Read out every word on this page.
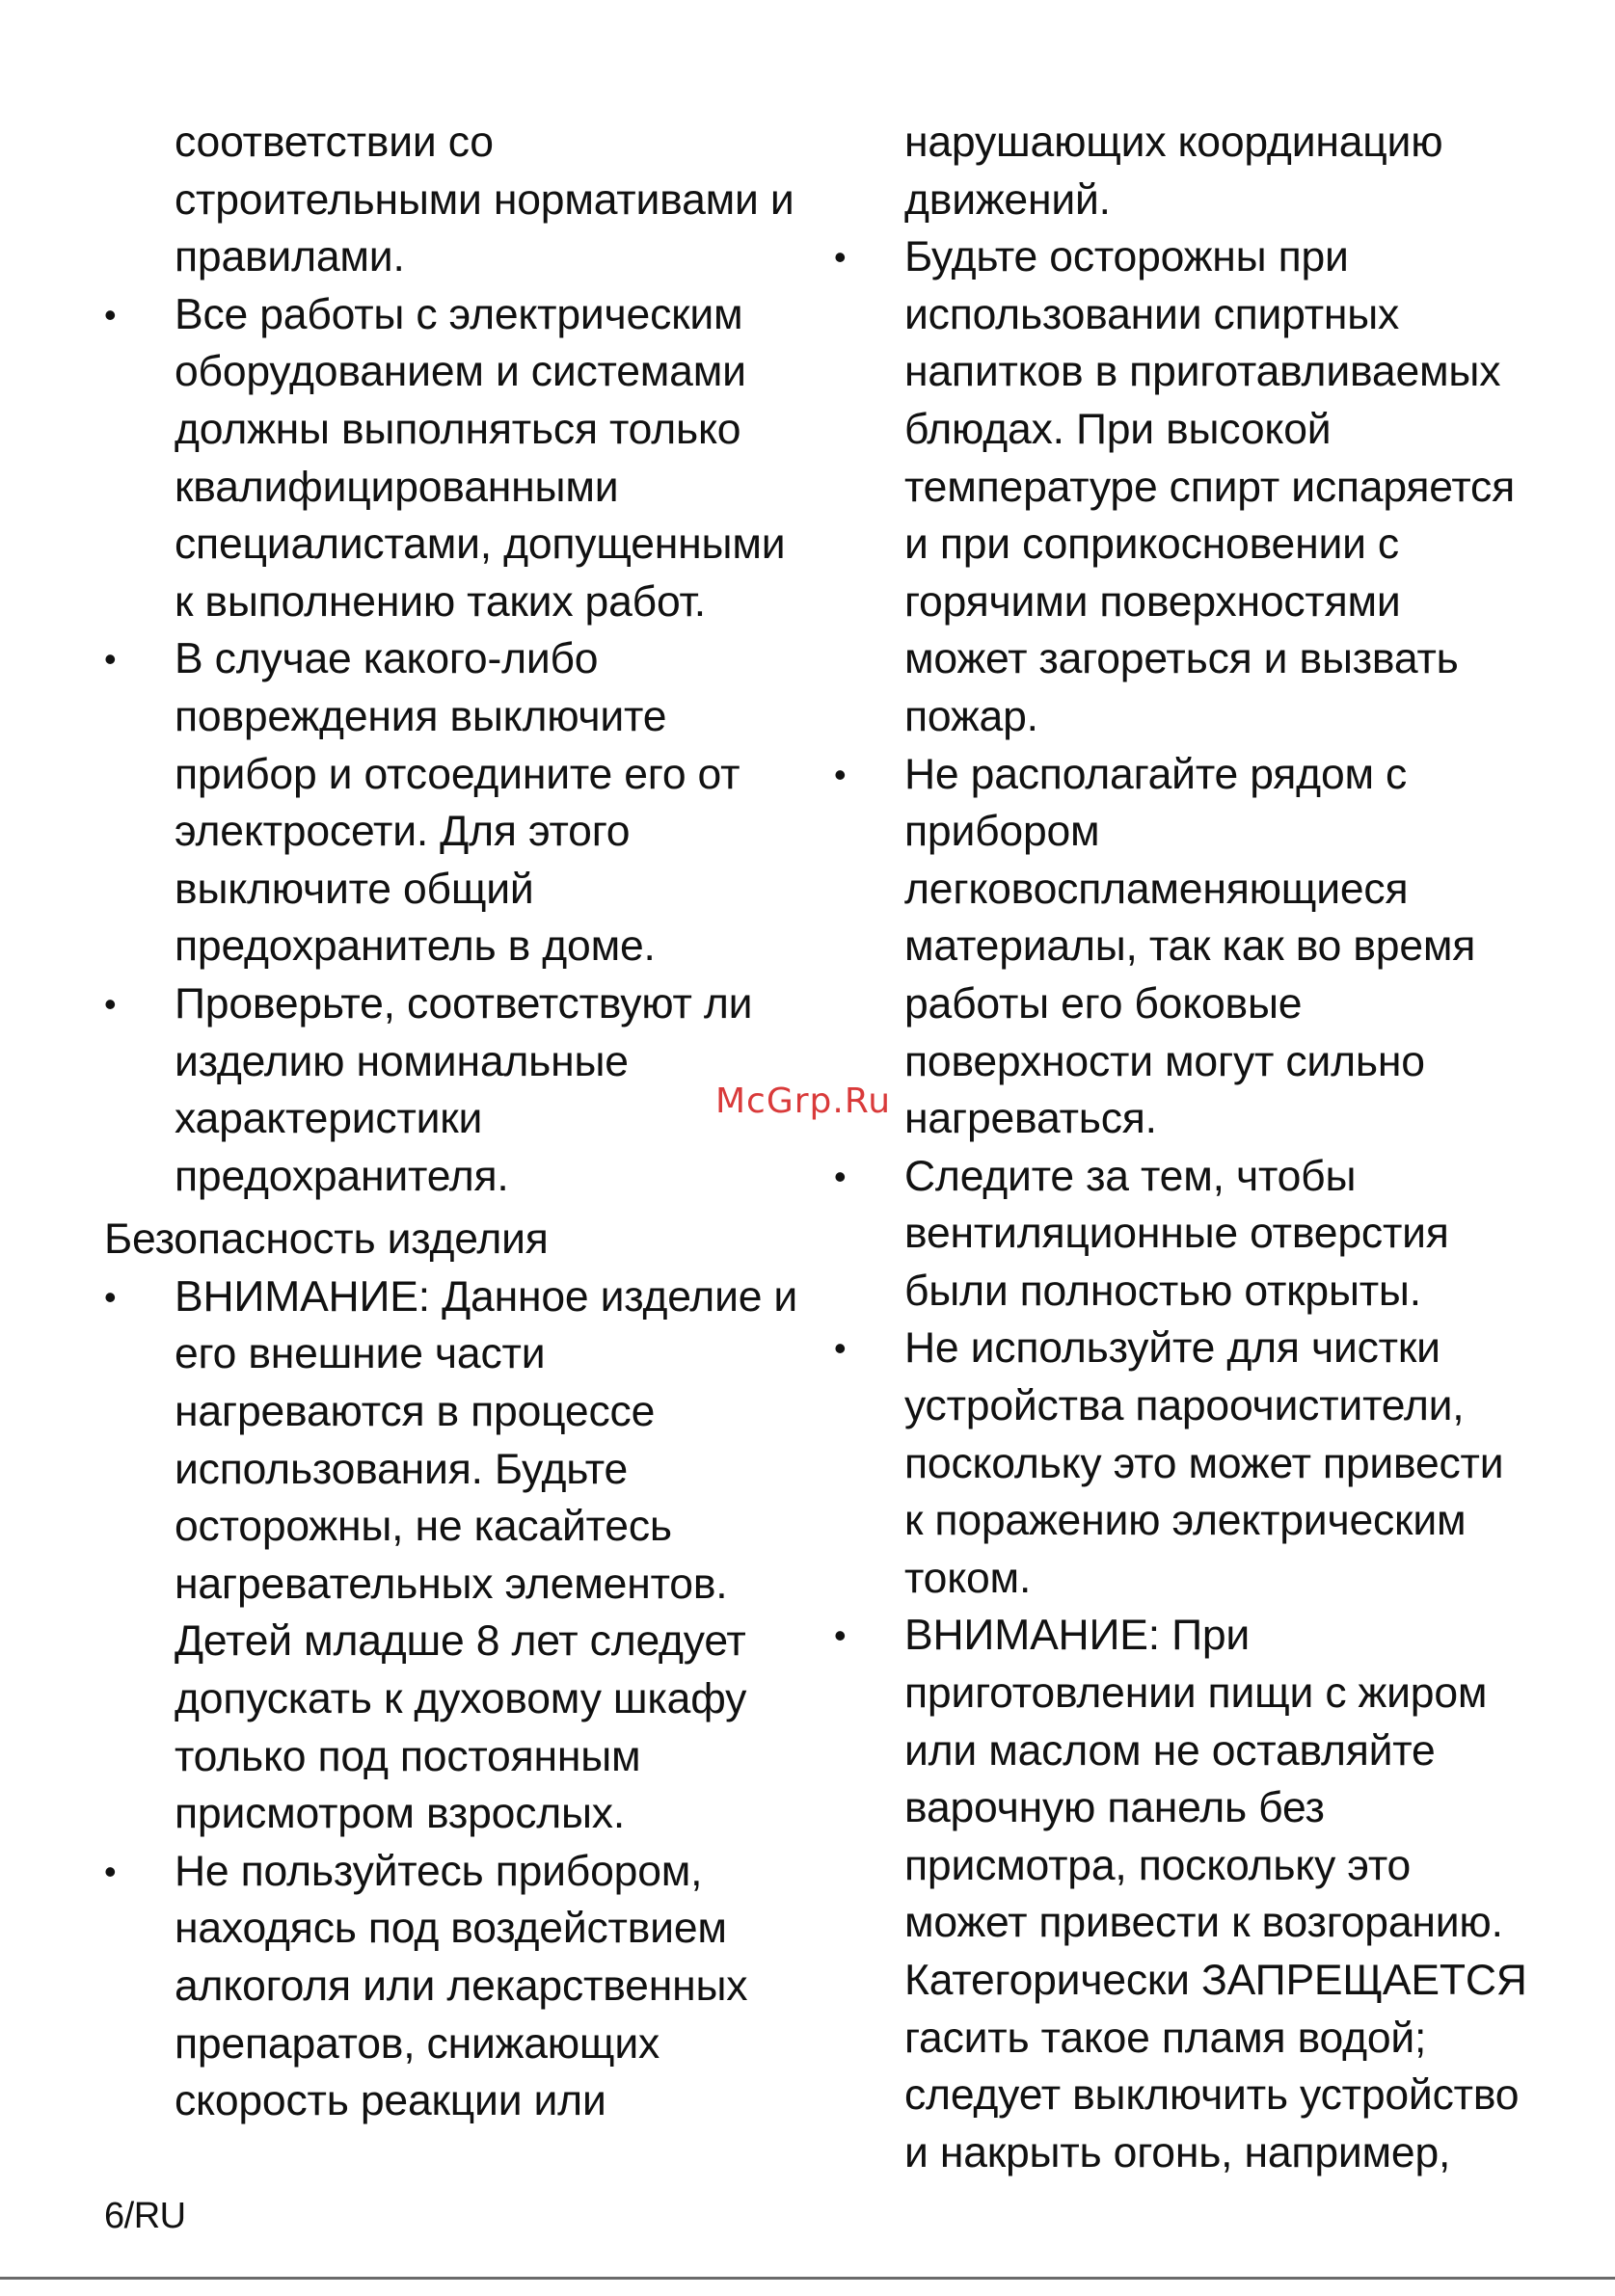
соответствии со
строительными нормативами и
правилами.
• Все работы с электрическим
оборудованием и системами
должны выполняться только
квалифицированными
специалистами, допущенными
к выполнению таких работ.
• В случае какого-либо
повреждения выключите
прибор и отсоедините его от
электросети. Для этого
выключите общий
предохранитель в доме.
• Проверьте, соответствуют ли
изделию номинальные
характеристики
предохранителя.
Безопасность изделия
• ВНИМАНИЕ: Данное изделие и
его внешние части
нагреваются в процессе
использования. Будьте
осторожны, не касайтесь
нагревательных элементов.
Детей младше 8 лет следует
допускать к духовому шкафу
только под постоянным
присмотром взрослых.
• Не пользуйтесь прибором,
находясь под воздействием
алкоголя или лекарственных
препаратов, снижающих
скорость реакции или
нарушающих координацию
движений.
• Будьте осторожны при
использовании спиртных
напитков в приготавливаемых
блюдах. При высокой
температуре спирт испаряется
и при соприкосновении с
горячими поверхностями
может загореться и вызвать
пожар.
• Не располагайте рядом с
прибором
легковоспламеняющиеся
материалы, так как во время
работы его боковые
поверхности могут сильно
нагреваться.
• Следите за тем, чтобы
вентиляционные отверстия
были полностью открыты.
• Не используйте для чистки
устройства пароочистители,
поскольку это может привести
к поражению электрическим
током.
• ВНИМАНИЕ: При
приготовлении пищи с жиром
или маслом не оставляйте
варочную панель без
присмотра, поскольку это
может привести к возгоранию.
Категорически ЗАПРЕЩАЕТСЯ
гасить такое пламя водой;
следует выключить устройство
и накрыть огонь, например,
McGrp.Ru
6/RU
